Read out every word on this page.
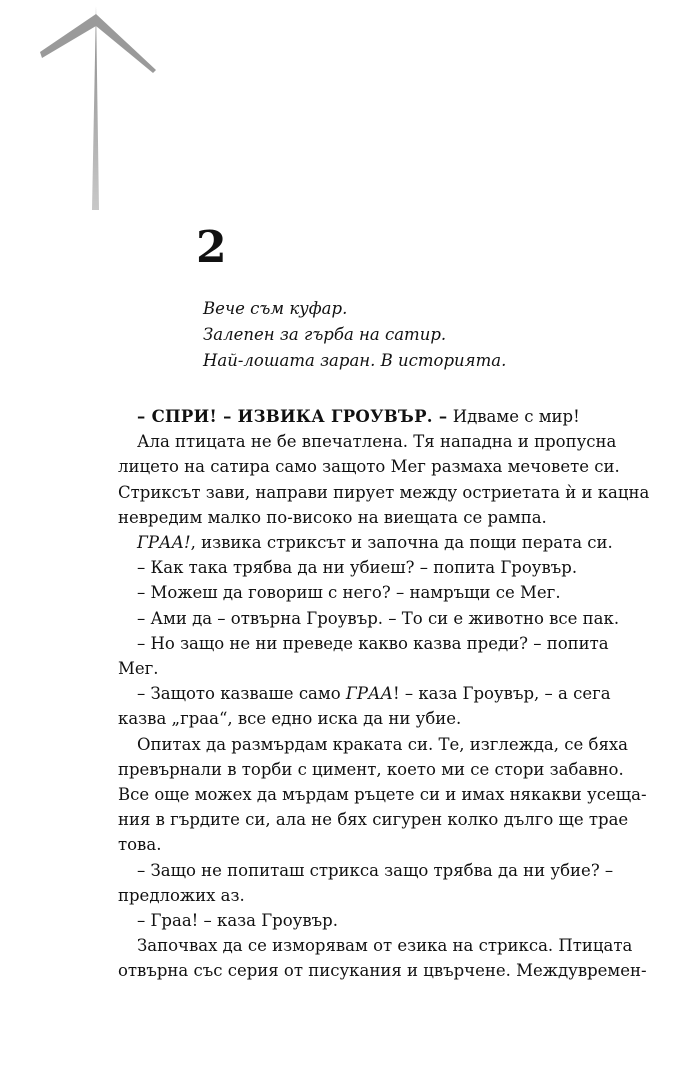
2
Вече съм куфар.
Залепен за гърба на сатир.
Най-лошата заран. В историята.
– СПРИ! – ИЗВИКА ГРОУВЪР. – Идваме с мир!
Ала птицата не бе впечатлена. Тя нападна и пропусна
лицето на сатира само защото Мег размаха мечовете си.
Стриксът зави, направи пирует между остриетата ѝ и кацна
невредим малко по-високо на виещата се рампа.
ГРАА!, извика стриксът и започна да пощи перата си.
– Как така трябва да ни убиеш? – попита Гроувър.
– Можеш да говориш с него? – намръщи се Мег.
– Ами да – отвърна Гроувър. – То си е животно все пак.
– Но защо не ни преведе какво казва преди? – попита
Мег.
– Защото казваше само ГРАА! – каза Гроувър, – а сега
казва „граа“, все едно иска да ни убие.
Опитах да размърдам краката си. Те, изглежда, се бяха
превърнали в торби с цимент, което ми се стори забавно.
Все още можех да мърдам ръцете си и имах някакви усеща-
ния в гърдите си, ала не бях сигурен колко дълго ще трае
това.
– Защо не попиташ стрикса защо трябва да ни убие? –
предложих аз.
– Граа! – каза Гроувър.
Започвах да се изморявам от езика на стрикса. Птицата
отвърна със серия от писукания и цвърчене. Междувремен-
